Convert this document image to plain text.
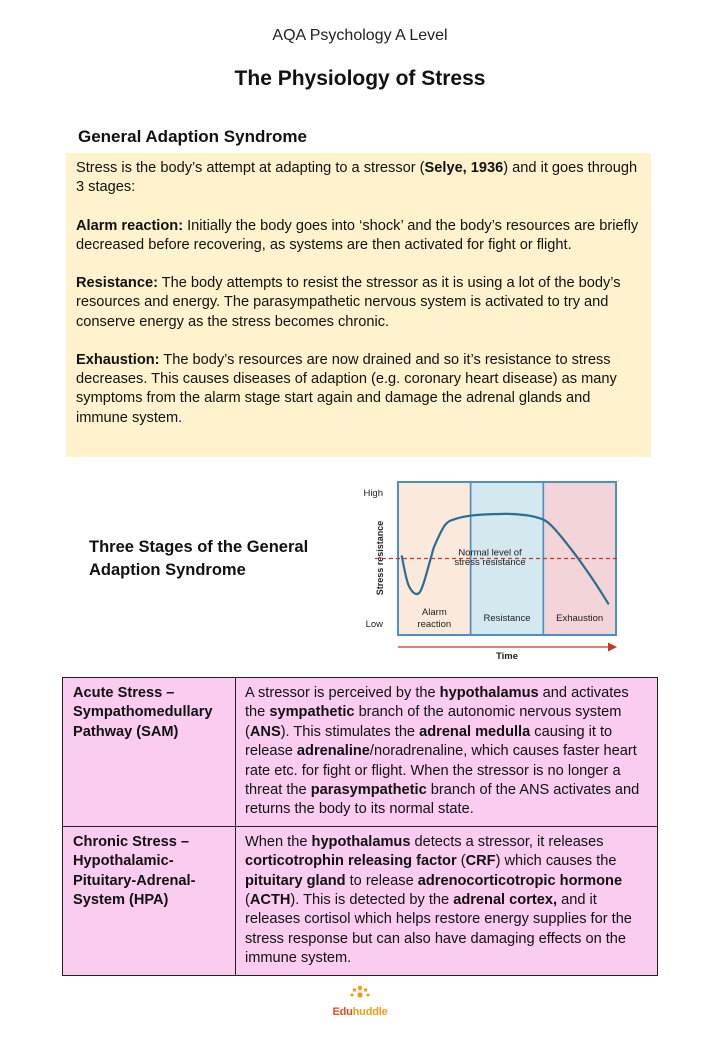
AQA Psychology A Level
The Physiology of Stress
General Adaption Syndrome

Stress is the body’s attempt at adapting to a stressor (Selye, 1936) and it goes through 3 stages:

Alarm reaction: Initially the body goes into ‘shock’ and the body’s resources are briefly decreased before recovering, as systems are then activated for fight or flight.

Resistance: The body attempts to resist the stressor as it is using a lot of the body’s resources and energy. The parasympathetic nervous system is activated to try and conserve energy as the stress becomes chronic.

Exhaustion: The body’s resources are now drained and so it’s resistance to stress decreases. This causes diseases of adaption (e.g. coronary heart disease) as many symptoms from the alarm stage start again and damage the adrenal glands and immune system.

Three Stages of the General
Adaption Syndrome
Normal level of
stress resistance
Alarm
reaction
Resistance	Exhaustion
High
Low
Stress resistance
Time
Acute Stress – Sympathomedullary Pathway (SAM)	A stressor is perceived by the hypothalamus and activates the sympathetic branch of the autonomic nervous system (ANS). This stimulates the adrenal medulla causing it to release adrenaline/noradrenaline, which causes faster heart rate etc. for fight or flight. When the stressor is no longer a threat the parasympathetic branch of the ANS activates and returns the body to its normal state.
Chronic Stress – Hypothalamic-Pituitary-Adrenal-System (HPA)	When the hypothalamus detects a stressor, it releases corticotrophin releasing factor (CRF) which causes the pituitary gland to release adrenocorticotropic hormone (ACTH). This is detected by the adrenal cortex, and it releases cortisol which helps restore energy supplies for the stress response but can also have damaging effects on the immune system.
Eduhuddle
